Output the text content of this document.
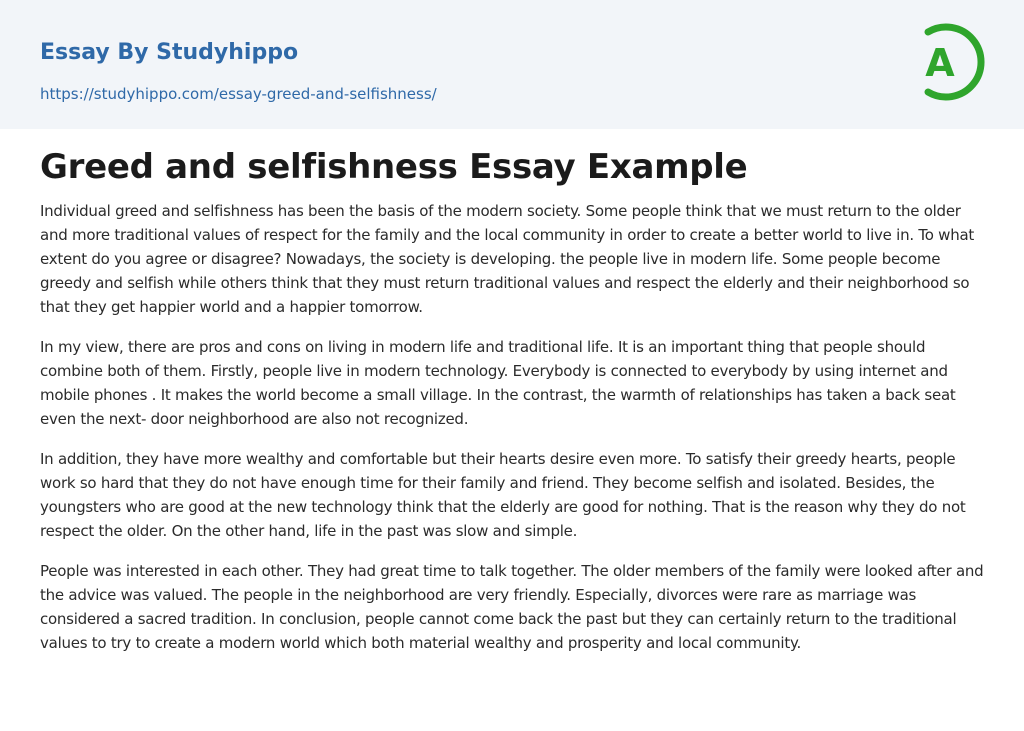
Essay By Studyhippo
https://studyhippo.com/essay-greed-and-selfishness/
A
Greed and selfishness Essay Example

Individual greed and selfishness has been the basis of the modern society. Some people think that we must return to the older and more traditional values of respect for the family and the local community in order to create a better world to live in. To what extent do you agree or disagree? Nowadays, the society is developing. the people live in modern life. Some people become greedy and selfish while others think that they must return traditional values and respect the elderly and their neighborhood so that they get happier world and a happier tomorrow.

In my view, there are pros and cons on living in modern life and traditional life. It is an important thing that people should combine both of them. Firstly, people live in modern technology. Everybody is connected to everybody by using internet and mobile phones . It makes the world become a small village. In the contrast, the warmth of relationships has taken a back seat even the next- door neighborhood are also not recognized.

In addition, they have more wealthy and comfortable but their hearts desire even more. To satisfy their greedy hearts, people work so hard that they do not have enough time for their family and friend. They become selfish and isolated. Besides, the youngsters who are good at the new technology think that the elderly are good for nothing. That is the reason why they do not respect the older. On the other hand, life in the past was slow and simple.

People was interested in each other. They had great time to talk together. The older members of the family were looked after and the advice was valued. The people in the neighborhood are very friendly. Especially, divorces were rare as marriage was considered a sacred tradition. In conclusion, people cannot come back the past but they can certainly return to the traditional values to try to create a modern world which both material wealthy and prosperity and local community.
